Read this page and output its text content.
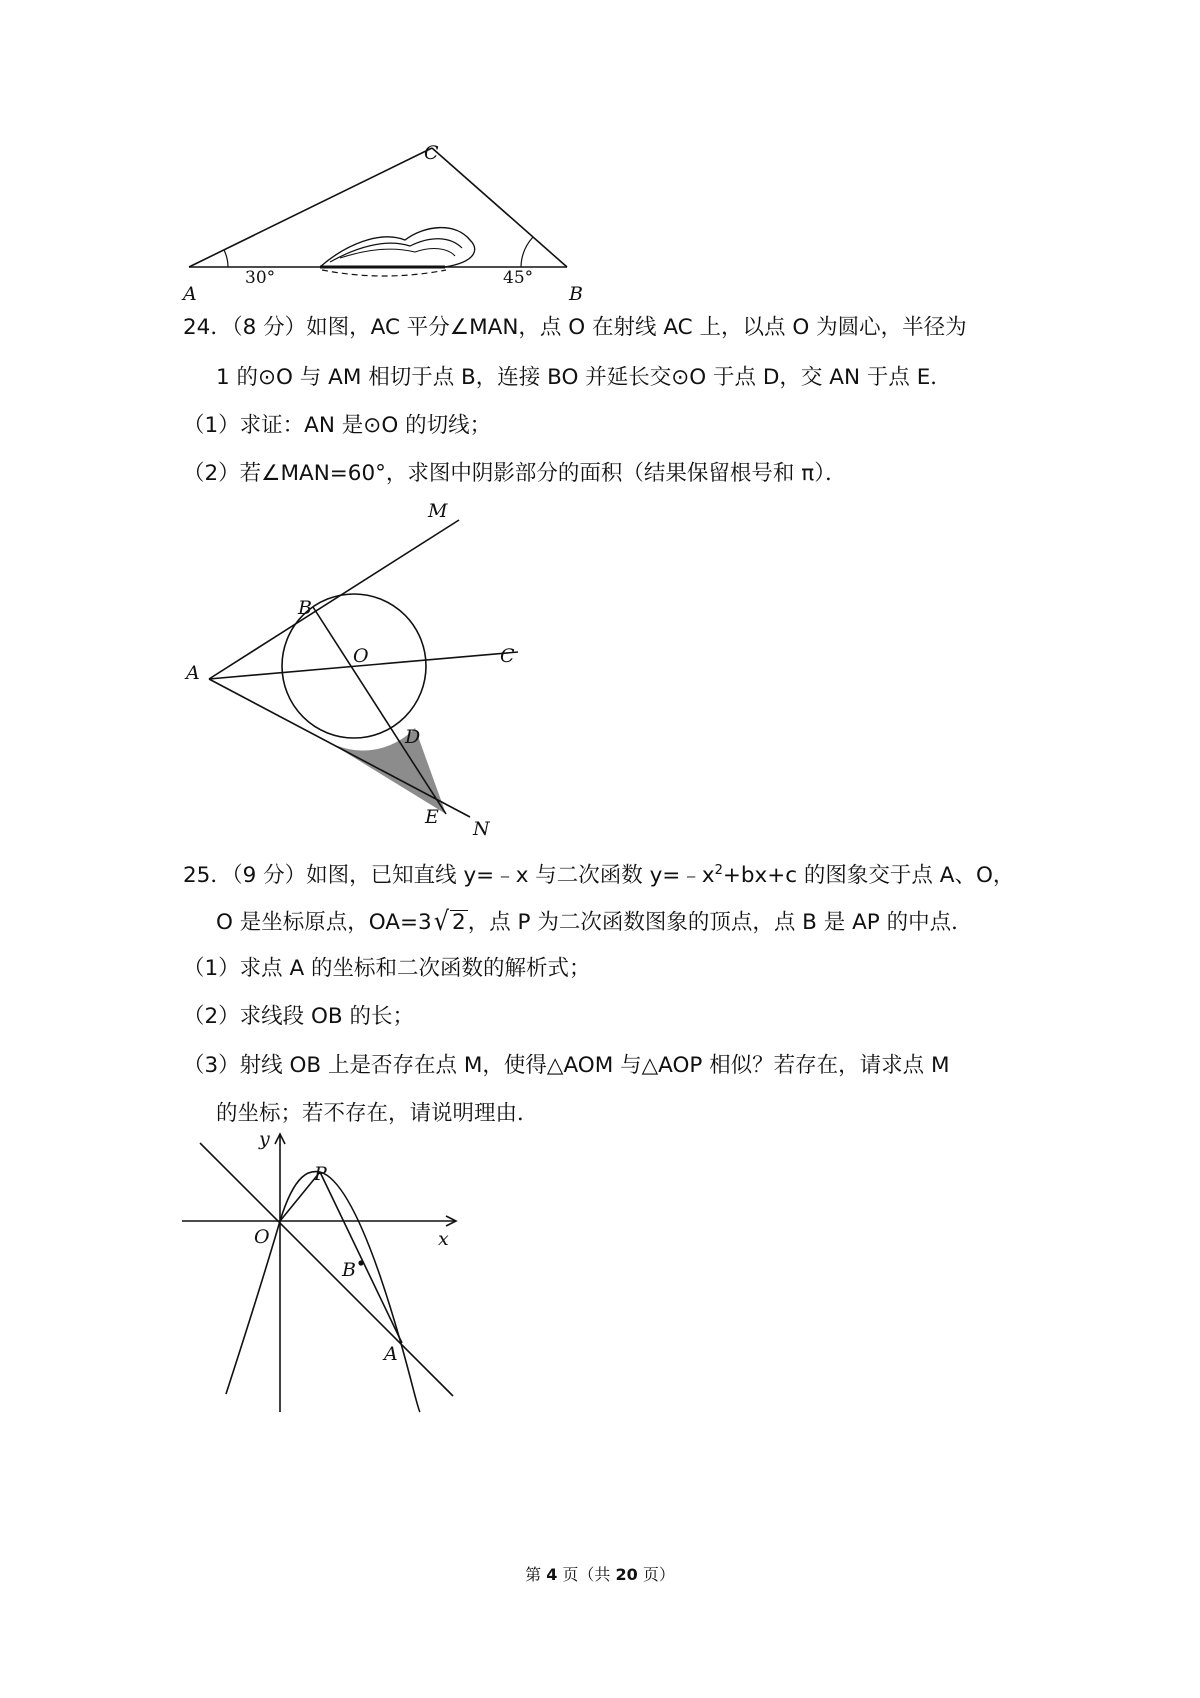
C
A	B
30°	45°
24．（8 分）如图，AC 平分∠MAN，点 O 在射线 AC 上，以点 O 为圆心，半径为
1 的⊙O 与 AM 相切于点 B，连接 BO 并延长交⊙O 于点 D，交 AN 于点 E．
（1）求证：AN 是⊙O 的切线；
（2）若∠MAN=60°，求图中阴影部分的面积（结果保留根号和 π）．
M
B
O	C
A
D
E
N
25．（9 分）如图，已知直线 y=﹣x 与二次函数 $y=﹣x^2+bx+c$ 的图象交于点 A、O，
O 是坐标原点，OA=3√ 2，点 P 为二次函数图象的顶点，点 B 是 AP 的中点．
（1）求点 A 的坐标和二次函数的解析式；
（2）求线段 OB 的长；
（3）射线 OB 上是否存在点 M，使得△AOM 与△AOP 相似？若存在，请求点 M
的坐标；若不存在，请说明理由．
y
P
O	x
B
A
第 4 页（共 20 页）
